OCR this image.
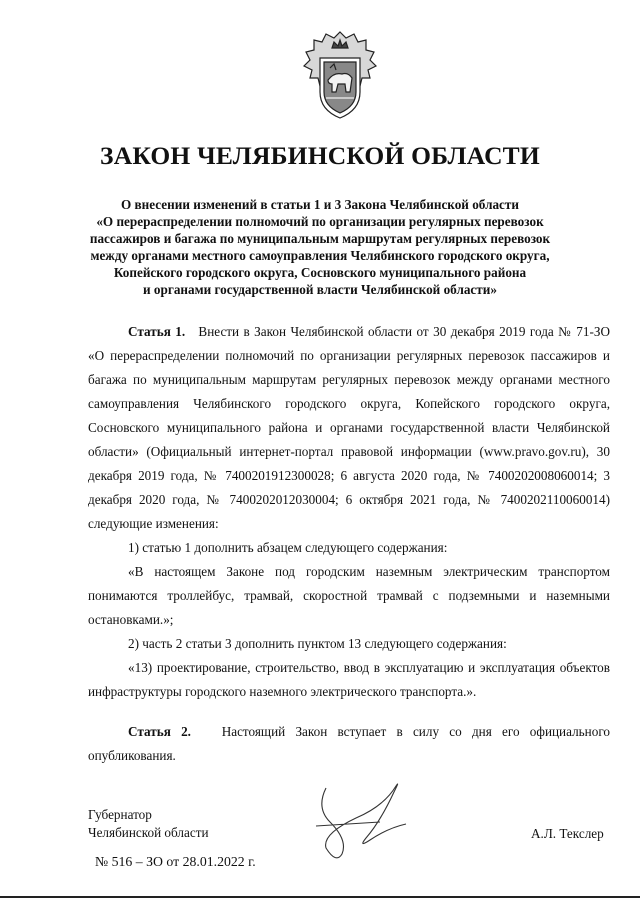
ЗАКОН ЧЕЛЯБИНСКОЙ ОБЛАСТИ
О внесении изменений в статьи 1 и 3 Закона Челябинской области
«О перераспределении полномочий по организации регулярных перевозок
пассажиров и багажа по муниципальным маршрутам регулярных перевозок
между органами местного самоуправления Челябинского городского округа,
Копейского городского округа, Сосновского муниципального района
и органами государственной власти Челябинской области»

Статья 1. Внести в Закон Челябинской области от 30 декабря 2019 года № 71-ЗО «О перераспределении полномочий по организации регулярных перевозок пассажиров и багажа по муниципальным маршрутам регулярных перевозок между органами местного самоуправления Челябинского городского округа, Копейского городского округа, Сосновского муниципального района и органами государственной власти Челябинской области» (Официальный интернет-портал правовой информации (www.pravo.gov.ru), 30 декабря 2019 года, № 7400201912300028; 6 августа 2020 года, № 7400202008060014; 3 декабря 2020 года, № 7400202012030004; 6 октября 2021 года, № 7400202110060014) следующие изменения:

1) статью 1 дополнить абзацем следующего содержания:

«В настоящем Законе под городским наземным электрическим транспортом понимаются троллейбус, трамвай, скоростной трамвай с подземными и наземными остановками.»;

2) часть 2 статьи 3 дополнить пунктом 13 следующего содержания:

«13) проектирование, строительство, ввод в эксплуатацию и эксплуатация объектов инфраструктуры городского наземного электрического транспорта.».

Статья 2. Настоящий Закон вступает в силу со дня его официального опубликования.

Губернатор
Челябинской области	А.Л. Текслер
№ 516 – ЗО от 28.01.2022 г.
